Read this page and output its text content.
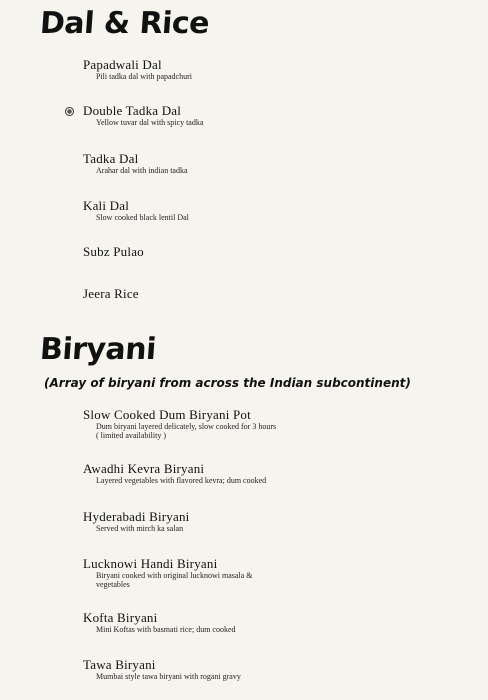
Dal & Rice
Papadwali Dal
Pili tadka dal with papadchuri
Double Tadka Dal
Yellow tuvar dal with spicy tadka
Tadka Dal
Arahar dal with indian tadka
Kali Dal
Slow cooked black lentil Dal
Subz Pulao
Jeera Rice
Biryani

(Array of biryani from across the Indian subcontinent)

Slow Cooked Dum Biryani Pot
Dum biryani layered delicately, slow cooked for 3 hours
( limited availability )
Awadhi Kevra Biryani
Layered vegetables with flavored kevra; dum cooked
Hyderabadi Biryani
Served with mirch ka salan
Lucknowi Handi Biryani
Biryani cooked with original lucknowi masala &
vegetables
Kofta Biryani
Mini Koftas with basmati rice; dum cooked
Tawa Biryani
Mumbai style tawa biryani with rogani gravy
